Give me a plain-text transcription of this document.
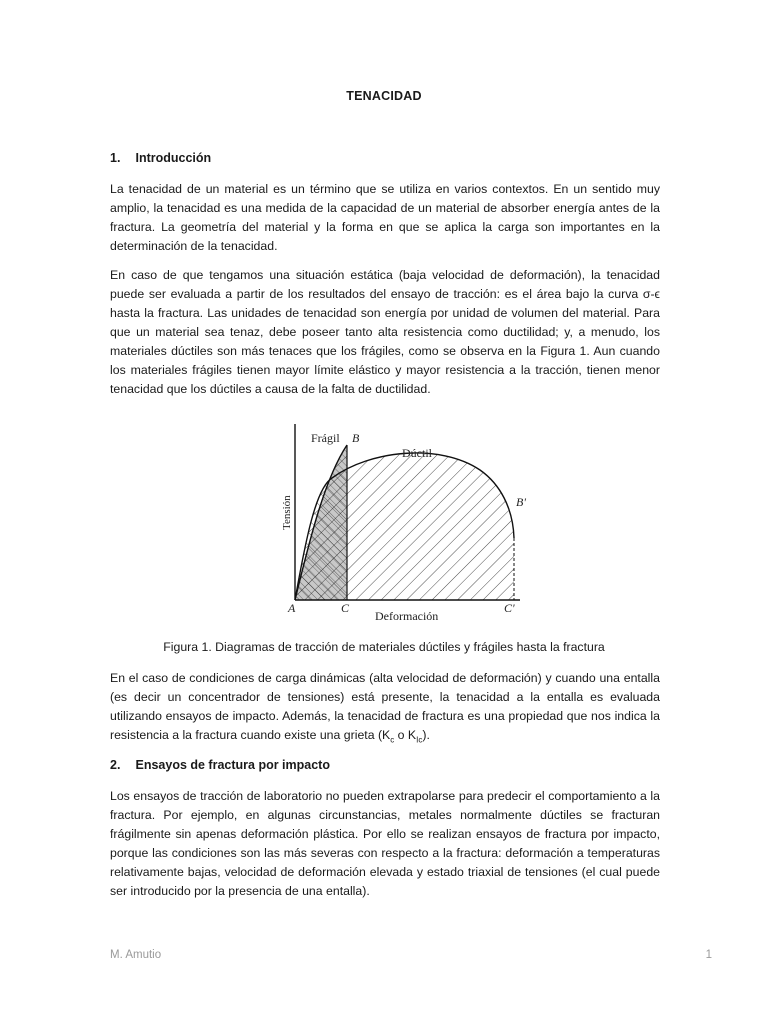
TENACIDAD
1. Introducción
La tenacidad de un material es un término que se utiliza en varios contextos. En un sentido muy amplio, la tenacidad es una medida de la capacidad de un material de absorber energía antes de la fractura. La geometría del material y la forma en que se aplica la carga son importantes en la determinación de la tenacidad.
En caso de que tengamos una situación estática (baja velocidad de deformación), la tenacidad puede ser evaluada a partir de los resultados del ensayo de tracción: es el área bajo la curva σ-ϵ hasta la fractura. Las unidades de tenacidad son energía por unidad de volumen del material. Para que un material sea tenaz, debe poseer tanto alta resistencia como ductilidad; y, a menudo, los materiales dúctiles son más tenaces que los frágiles, como se observa en la Figura 1. Aun cuando los materiales frágiles tienen mayor límite elástico y mayor resistencia a la tracción, tienen menor tenacidad que los dúctiles a causa de la falta de ductilidad.
Frágil B
Dúctil
B'
A	C	C'
Deformación
Tensión
Figura 1. Diagramas de tracción de materiales dúctiles y frágiles hasta la fractura
En el caso de condiciones de carga dinámicas (alta velocidad de deformación) y cuando una entalla (es decir un concentrador de tensiones) está presente, la tenacidad a la entalla es evaluada utilizando ensayos de impacto. Además, la tenacidad de fractura es una propiedad que nos indica la resistencia a la fractura cuando existe una grieta ($K_c$ o $K_{Ic}$).
2. Ensayos de fractura por impacto
Los ensayos de tracción de laboratorio no pueden extrapolarse para predecir el comportamiento a la fractura. Por ejemplo, en algunas circunstancias, metales normalmente dúctiles se fracturan frágilmente sin apenas deformación plástica. Por ello se realizan ensayos de fractura por impacto, porque las condiciones son las más severas con respecto a la fractura: deformación a temperaturas relativamente bajas, velocidad de deformación elevada y estado triaxial de tensiones (el cual puede ser introducido por la presencia de una entalla).
M. Amutio	1
